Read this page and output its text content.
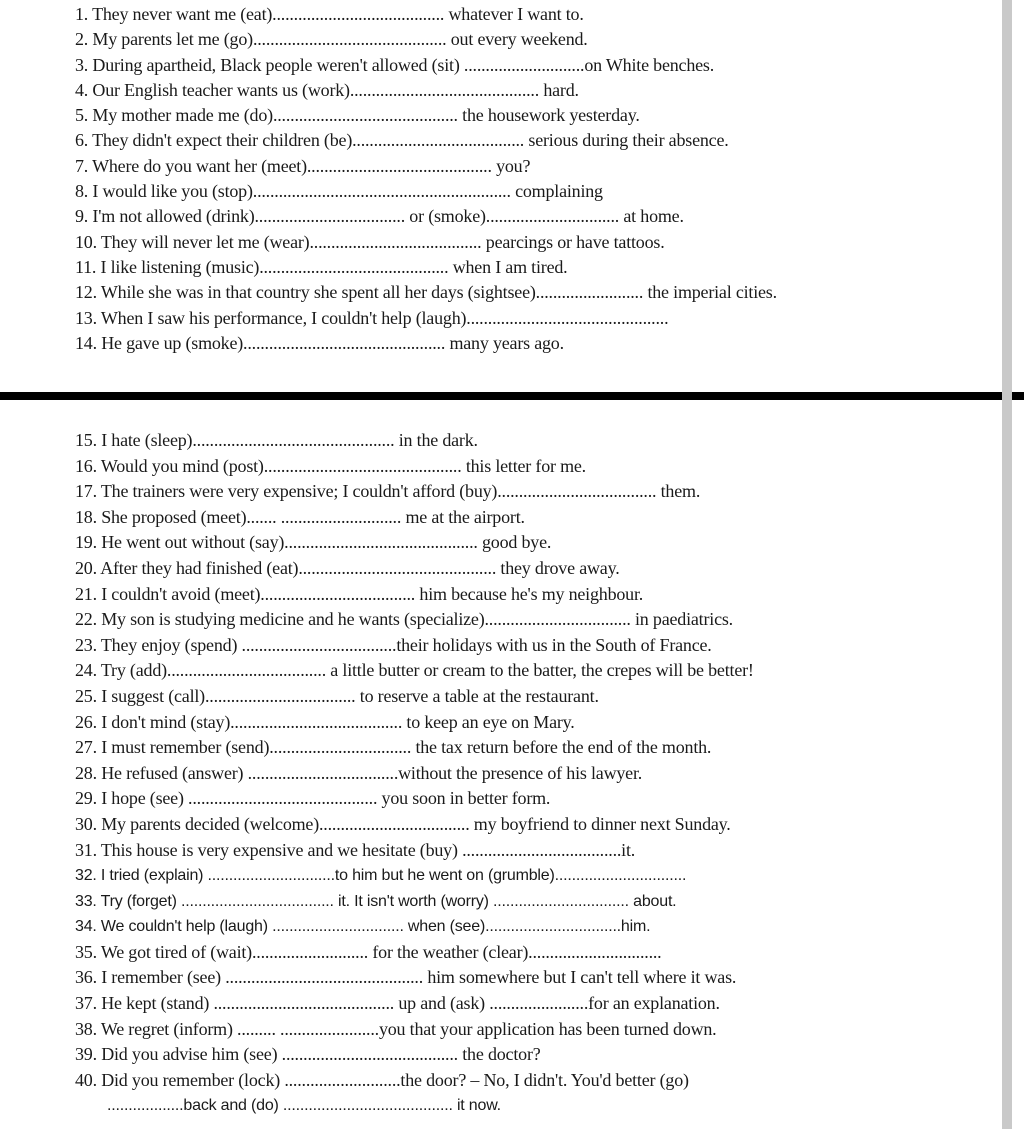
1. They never want me (eat)........................................ whatever I want to.
2. My parents let me (go)............................................. out every weekend.
3. During apartheid, Black people weren't allowed (sit) ............................on White benches.
4. Our English teacher wants us (work)............................................ hard.
5. My mother made me (do)........................................... the housework yesterday.
6. They didn't expect their children (be)........................................ serious during their absence.
7. Where do you want her (meet)........................................... you?
8. I would like you (stop)............................................................ complaining
9. I'm not allowed (drink)................................... or (smoke)............................... at home.
10. They will never let me (wear)........................................ pearcings or have tattoos.
11. I like listening (music)............................................ when I am tired.
12. While she was in that country she spent all her days (sightsee)......................... the imperial cities.
13. When I saw his performance, I couldn't help (laugh)...............................................
14. He gave up (smoke)............................................... many years ago.
15. I hate (sleep)............................................... in the dark.
16. Would you mind (post).............................................. this letter for me.
17. The trainers were very expensive; I couldn't afford (buy)..................................... them.
18. She proposed (meet)....... ............................ me at the airport.
19. He went out without (say)............................................. good bye.
20. After they had finished (eat).............................................. they drove away.
21. I couldn't avoid (meet).................................... him because he's my neighbour.
22. My son is studying medicine and he wants (specialize).................................. in paediatrics.
23. They enjoy (spend) ....................................their holidays with us in the South of France.
24. Try (add)..................................... a little butter or cream to the batter, the crepes will be better!
25. I suggest (call)................................... to reserve a table at the restaurant.
26. I don't mind (stay)........................................ to keep an eye on Mary.
27. I must remember (send)................................. the tax return before the end of the month.
28. He refused (answer) ...................................without the presence of his lawyer.
29. I hope (see) ............................................ you soon in better form.
30. My parents decided (welcome)................................... my boyfriend to dinner next Sunday.
31. This house is very expensive and we hesitate (buy) .....................................it.
32. I tried (explain) ..............................to him but he went on (grumble)...............................
33. Try (forget) .................................... it. It isn't worth (worry) ................................ about.
34. We couldn't help (laugh) ............................... when (see)................................him.
35. We got tired of (wait)........................... for the weather (clear)...............................
36. I remember (see) .............................................. him somewhere but I can't tell where it was.
37. He kept (stand) .......................................... up and (ask) .......................for an explanation.
38. We regret (inform) ......... .......................you that your application has been turned down.
39. Did you advise him (see) ......................................... the doctor?
40. Did you remember (lock) ...........................the door? – No, I didn't. You'd better (go)
..................back and (do) ........................................ it now.
